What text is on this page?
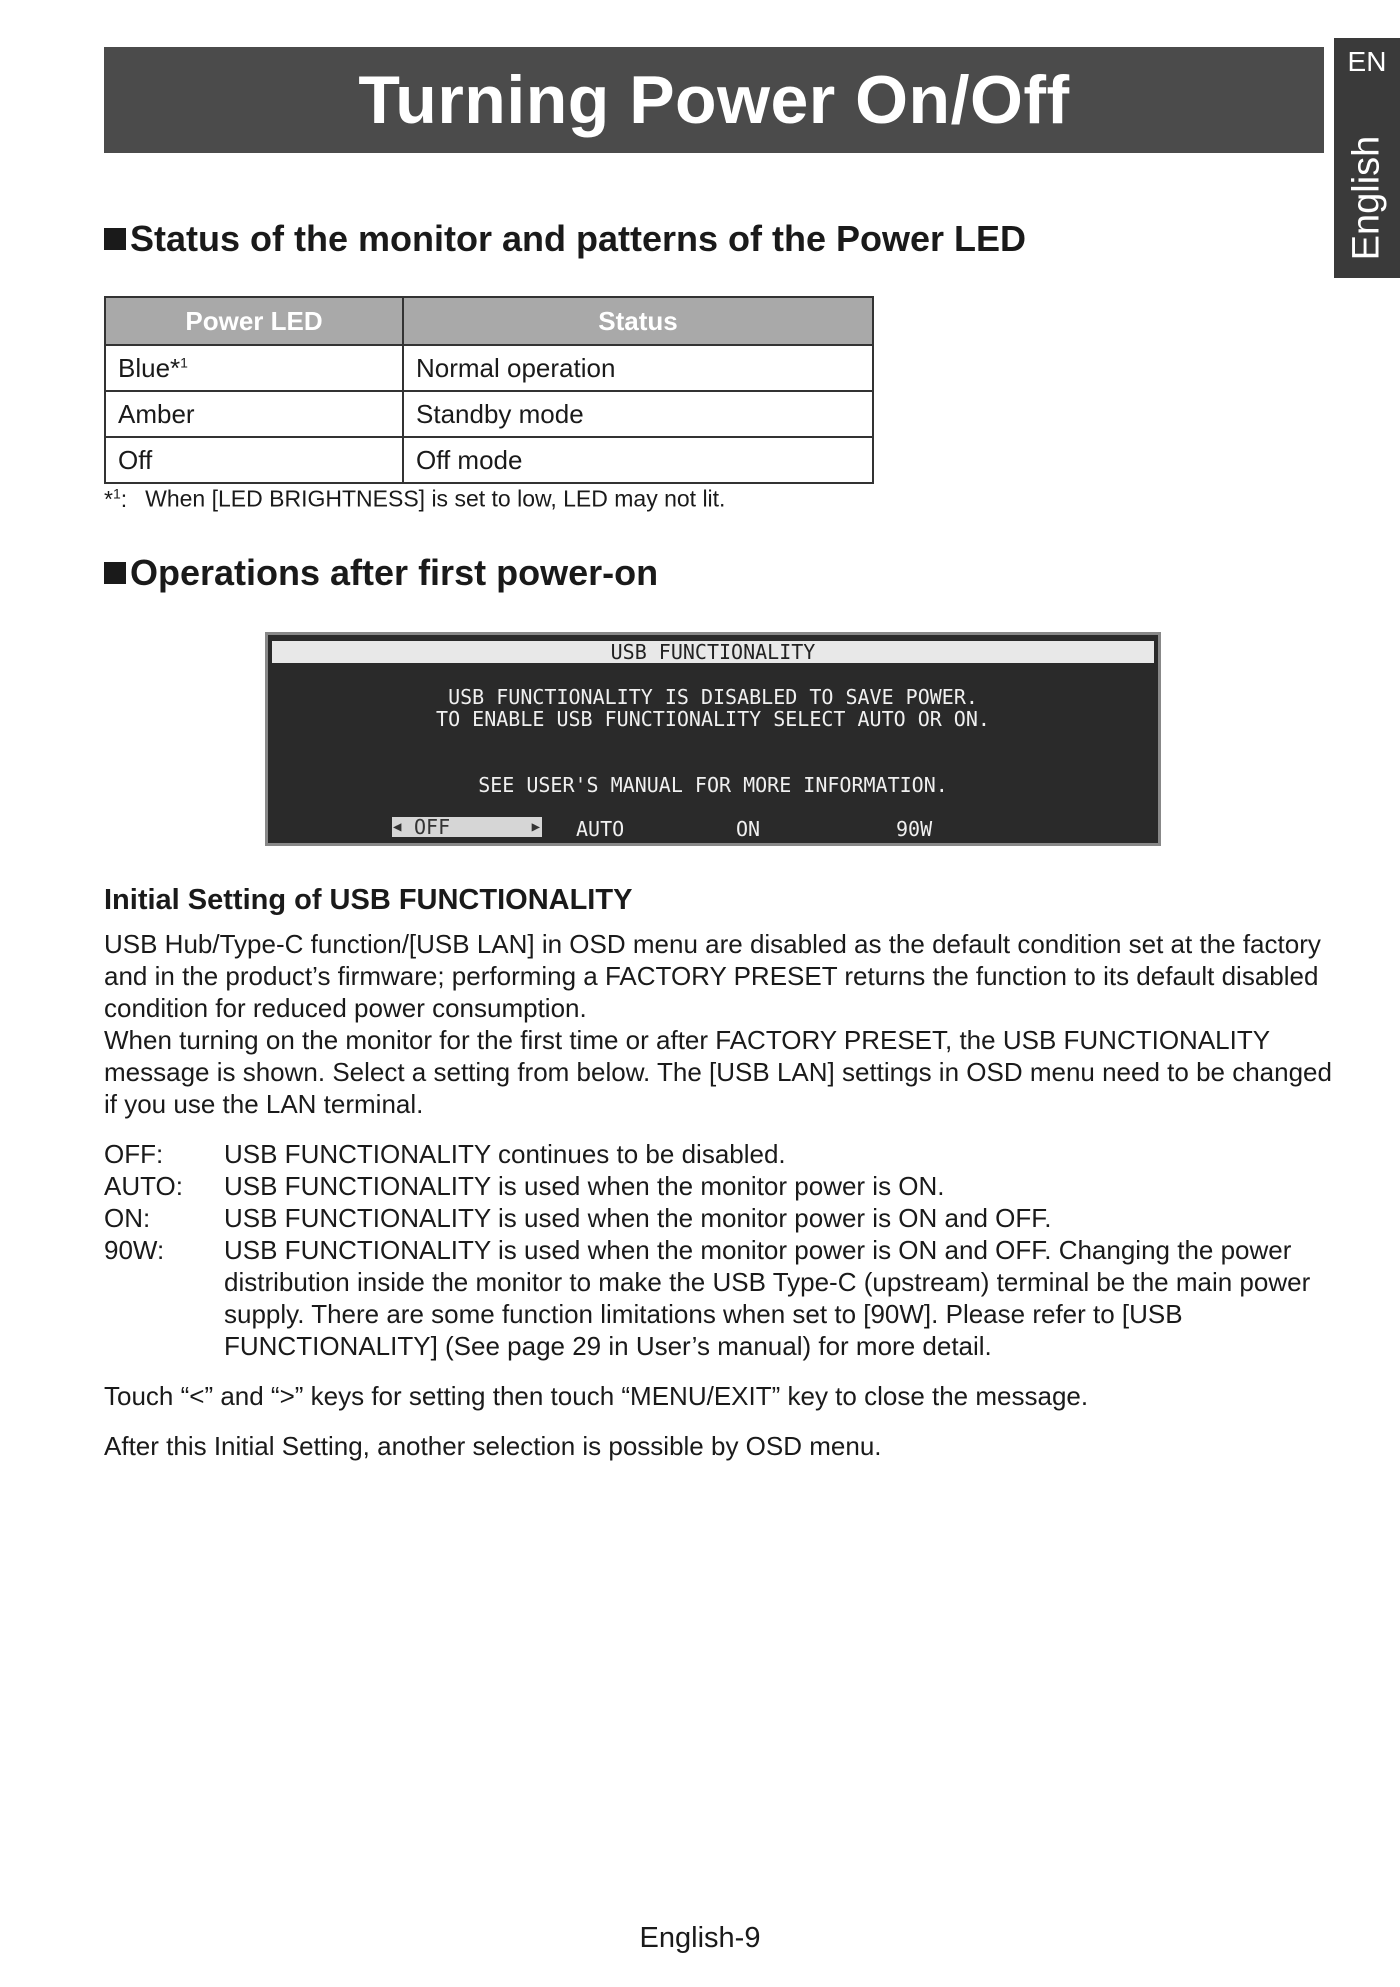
Turning Power On/Off
EN
English
Status of the monitor and patterns of the Power LED
Power LED	Status
Blue*$^1$	Normal operation
Amber	Standby mode
Off	Off mode
*$^1$: When [LED BRIGHTNESS] is set to low, LED may not lit.
Operations after first power-on
USB FUNCTIONALITY
USB FUNCTIONALITY IS DISABLED TO SAVE POWER.
TO ENABLE USB FUNCTIONALITY SELECT AUTO OR ON.
SEE USER'S MANUAL FOR MORE INFORMATION.
◀ OFF	▶ AUTO	ON	90W
Initial Setting of USB FUNCTIONALITY

USB Hub/Type-C function/[USB LAN] in OSD menu are disabled as the default condition set at the factory and in the product’s firmware; performing a FACTORY PRESET returns the function to its default disabled condition for reduced power consumption.

When turning on the monitor for the first time or after FACTORY PRESET, the USB FUNCTIONALITY message is shown. Select a setting from below. The [USB LAN] settings in OSD menu need to be changed if you use the LAN terminal.

OFF:	USB FUNCTIONALITY continues to be disabled.
AUTO:	USB FUNCTIONALITY is used when the monitor power is ON.
ON:	USB FUNCTIONALITY is used when the monitor power is ON and OFF.
90W:	USB FUNCTIONALITY is used when the monitor power is ON and OFF. Changing the power distribution inside the monitor to make the USB Type-C (upstream) terminal be the main power supply. There are some function limitations when set to [90W]. Please refer to [USB FUNCTIONALITY] (See page 29 in User’s manual) for more detail.

Touch “<” and “>” keys for setting then touch “MENU/EXIT” key to close the message.

After this Initial Setting, another selection is possible by OSD menu.

English-9
